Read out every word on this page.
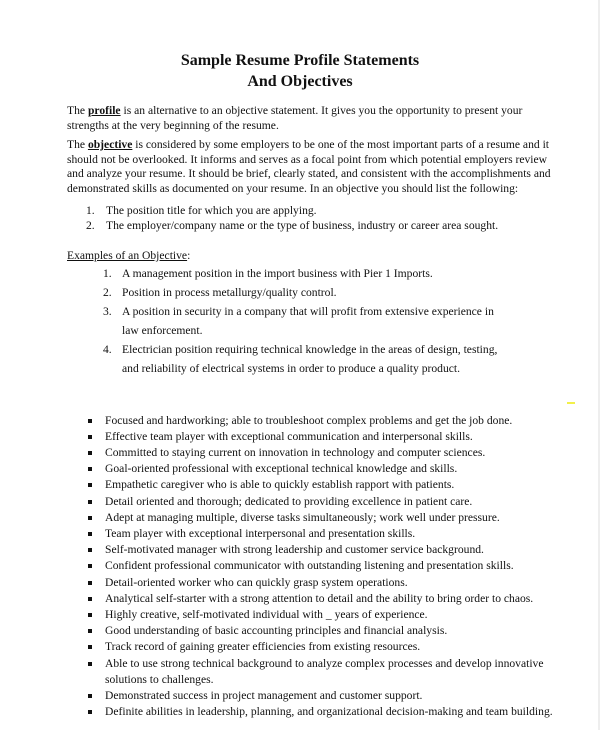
Sample Resume Profile Statements
And Objectives
The profile is an alternative to an objective statement. It gives you the opportunity to present your strengths at the very beginning of the resume.
The objective is considered by some employers to be one of the most important parts of a resume and it should not be overlooked. It informs and serves as a focal point from which potential employers review and analyze your resume. It should be brief, clearly stated, and consistent with the accomplishments and demonstrated skills as documented on your resume. In an objective you should list the following:
1. The position title for which you are applying.
2. The employer/company name or the type of business, industry or career area sought.
Examples of an Objective:
1. A management position in the import business with Pier 1 Imports.
2. Position in process metallurgy/quality control.
3. A position in security in a company that will profit from extensive experience in law enforcement.
4. Electrician position requiring technical knowledge in the areas of design, testing, and reliability of electrical systems in order to produce a quality product.
Focused and hardworking; able to troubleshoot complex problems and get the job done.
Effective team player with exceptional communication and interpersonal skills.
Committed to staying current on innovation in technology and computer sciences.
Goal-oriented professional with exceptional technical knowledge and skills.
Empathetic caregiver who is able to quickly establish rapport with patients.
Detail oriented and thorough; dedicated to providing excellence in patient care.
Adept at managing multiple, diverse tasks simultaneously; work well under pressure.
Team player with exceptional interpersonal and presentation skills.
Self-motivated manager with strong leadership and customer service background.
Confident professional communicator with outstanding listening and presentation skills.
Detail-oriented worker who can quickly grasp system operations.
Analytical self-starter with a strong attention to detail and the ability to bring order to chaos.
Highly creative, self-motivated individual with _ years of experience.
Good understanding of basic accounting principles and financial analysis.
Track record of gaining greater efficiencies from existing resources.
Able to use strong technical background to analyze complex processes and develop innovative solutions to challenges.
Demonstrated success in project management and customer support.
Definite abilities in leadership, planning, and organizational decision-making and team building.
